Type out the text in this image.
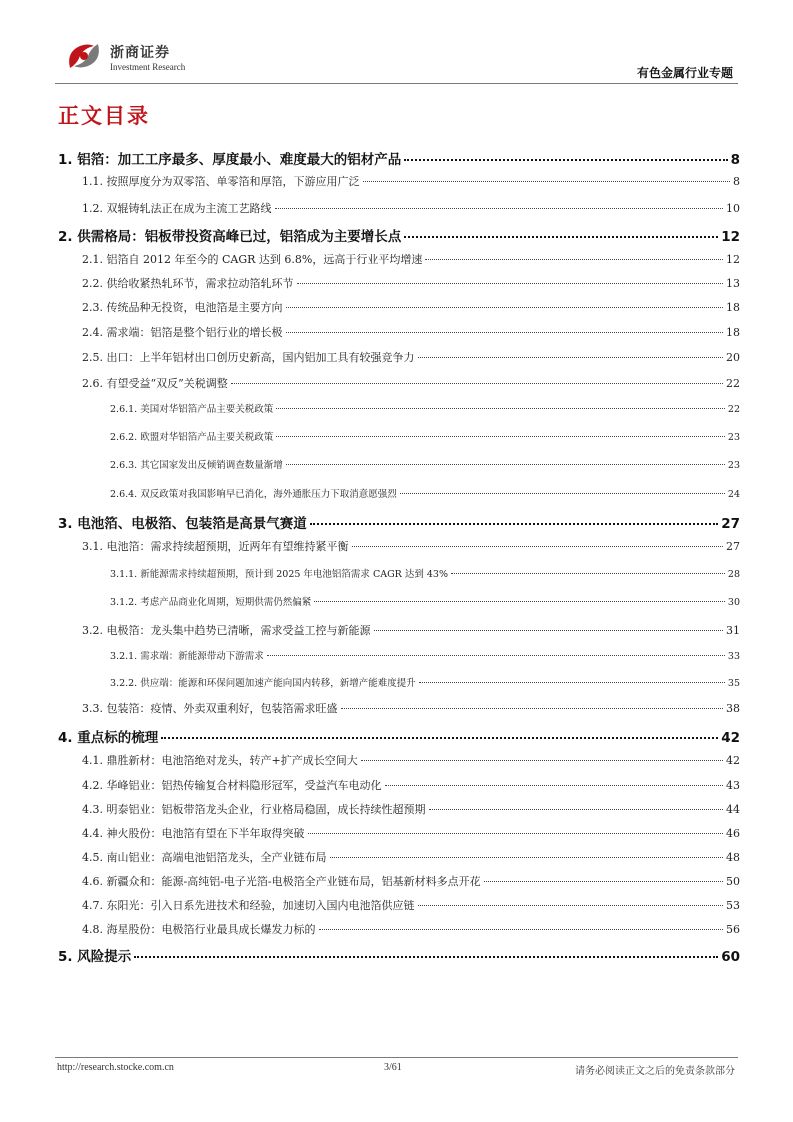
浙商证券
Investment Research	有色金属行业专题
正文目录
1. 铝箔：加工工序最多、厚度最小、难度最大的铝材产品	8
1.1. 按照厚度分为双零箔、单零箔和厚箔，下游应用广泛	8
1.2. 双辊铸轧法正在成为主流工艺路线	10
2. 供需格局：铝板带投资高峰已过，铝箔成为主要增长点	12
2.1. 铝箔自 2012 年至今的 CAGR 达到 6.8%，远高于行业平均增速	12
2.2. 供给收紧热轧环节，需求拉动箔轧环节	13
2.3. 传统品种无投资，电池箔是主要方向	18
2.4. 需求端：铝箔是整个铝行业的增长极	18
2.5. 出口：上半年铝材出口创历史新高，国内铝加工具有较强竞争力	20
2.6. 有望受益“双反”关税调整	22
2.6.1. 美国对华铝箔产品主要关税政策	22
2.6.2. 欧盟对华铝箔产品主要关税政策	23
2.6.3. 其它国家发出反倾销调查数量渐增	23
2.6.4. 双反政策对我国影响早已消化，海外通胀压力下取消意愿强烈	24
3. 电池箔、电极箔、包装箔是高景气赛道	27
3.1. 电池箔：需求持续超预期，近两年有望维持紧平衡	27
3.1.1. 新能源需求持续超预期，预计到 2025 年电池铝箔需求 CAGR 达到 43%	28
3.1.2. 考虑产品商业化周期，短期供需仍然偏紧	30
3.2. 电极箔：龙头集中趋势已清晰，需求受益工控与新能源	31
3.2.1. 需求端：新能源带动下游需求	33
3.2.2. 供应端：能源和环保问题加速产能向国内转移，新增产能难度提升	35
3.3. 包装箔：疫情、外卖双重利好，包装箔需求旺盛	38
4. 重点标的梳理	42
4.1. 鼎胜新材：电池箔绝对龙头，转产+扩产成长空间大	42
4.2. 华峰铝业：铝热传输复合材料隐形冠军，受益汽车电动化	43
4.3. 明泰铝业：铝板带箔龙头企业，行业格局稳固，成长持续性超预期	44
4.4. 神火股份：电池箔有望在下半年取得突破	46
4.5. 南山铝业：高端电池铝箔龙头，全产业链布局	48
4.6. 新疆众和：能源-高纯铝-电子光箔-电极箔全产业链布局，铝基新材料多点开花	50
4.7. 东阳光：引入日系先进技术和经验，加速切入国内电池箔供应链	53
4.8. 海星股份：电极箔行业最具成长爆发力标的	56
5. 风险提示	60
http://research.stocke.com.cn	3/61	请务必阅读正文之后的免责条款部分
